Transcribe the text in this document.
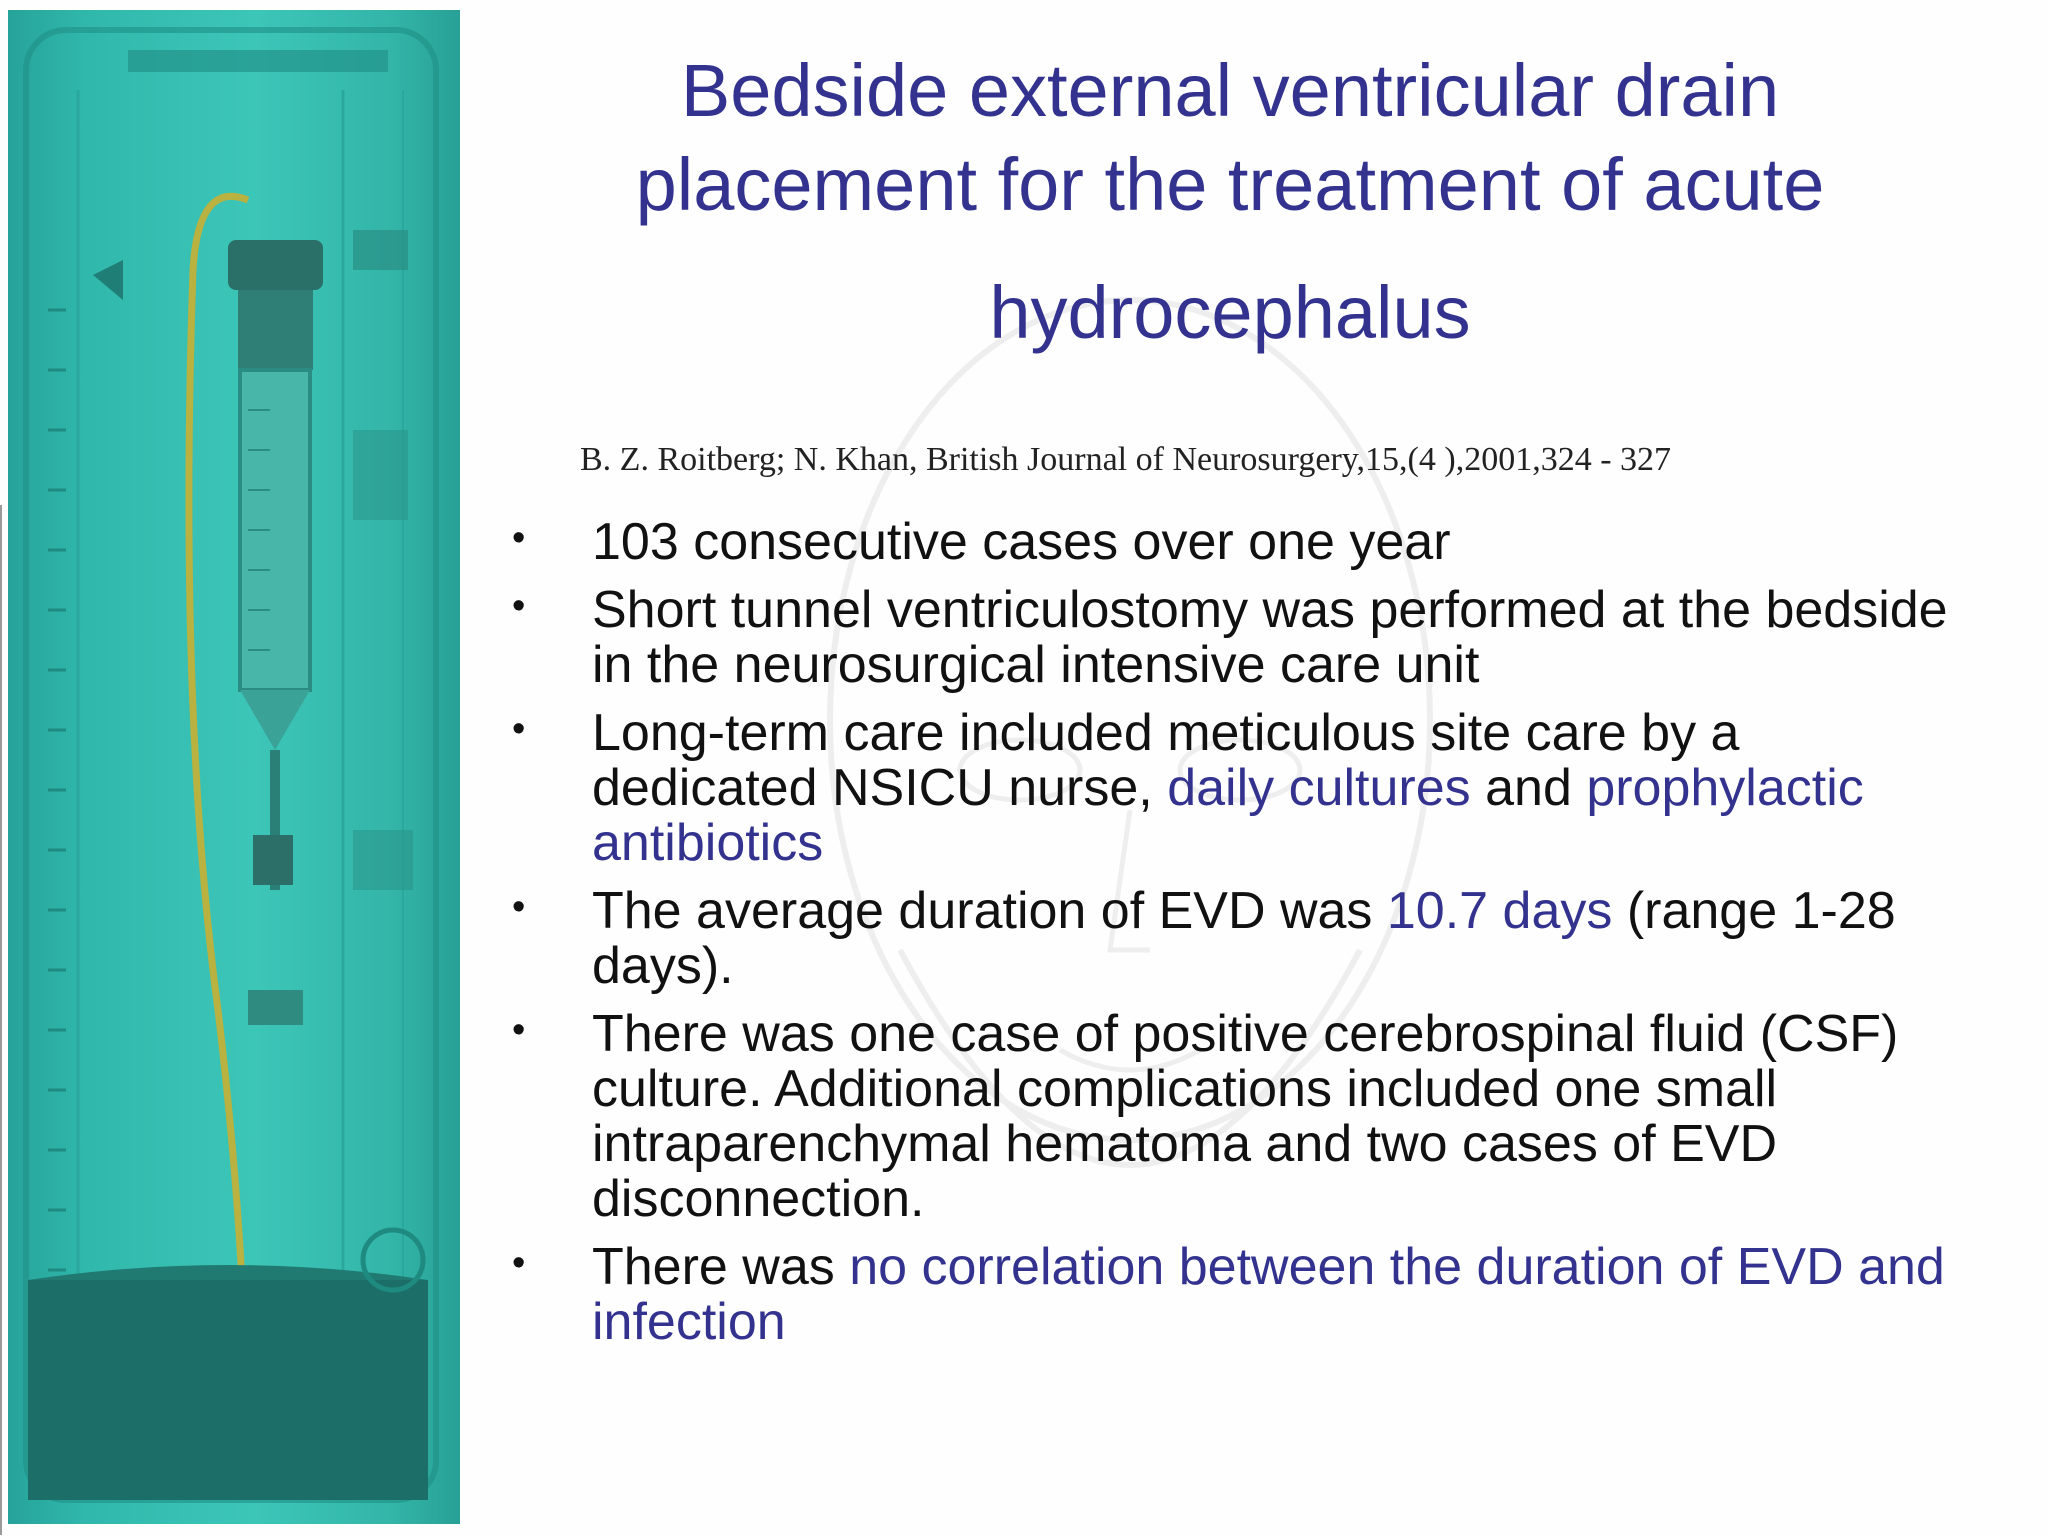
Bedside external ventricular drain
placement for the treatment of acute
hydrocephalus
B. Z. Roitberg; N. Khan, British Journal of Neurosurgery,15,(4 ),2001,324 - 327
• 103 consecutive cases over one year
• Short tunnel ventriculostomy was performed at the bedside in the neurosurgical intensive care unit
• Long-term care included meticulous site care by a dedicated NSICU nurse, daily cultures and prophylactic antibiotics
• The average duration of EVD was 10.7 days (range 1-28 days).
• There was one case of positive cerebrospinal fluid (CSF) culture. Additional complications included one small intraparenchymal hematoma and two cases of EVD disconnection.
• There was no correlation between the duration of EVD and infection
